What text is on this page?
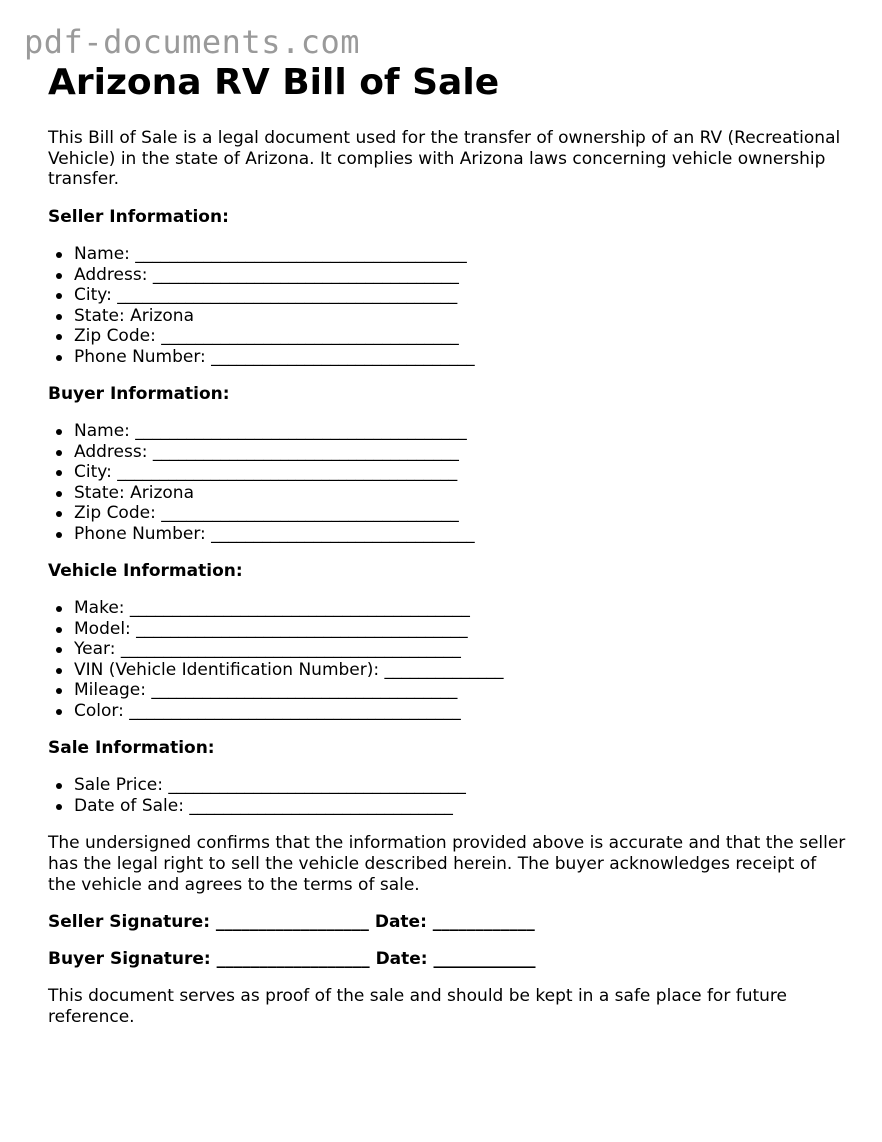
pdf-documents.com
Arizona RV Bill of Sale

This Bill of Sale is a legal document used for the transfer of ownership of an RV (Recreational Vehicle) in the state of Arizona. It complies with Arizona laws concerning vehicle ownership transfer.

Seller Information:
Name: _______________________________________
Address: ____________________________________
City: ________________________________________
State: Arizona
Zip Code: ___________________________________
Phone Number: _______________________________
Buyer Information:
Name: _______________________________________
Address: ____________________________________
City: ________________________________________
State: Arizona
Zip Code: ___________________________________
Phone Number: _______________________________
Vehicle Information:
Make: ________________________________________
Model: _______________________________________
Year: ________________________________________
VIN (Vehicle Identification Number): ______________
Mileage: ____________________________________
Color: _______________________________________
Sale Information:
Sale Price: ___________________________________
Date of Sale: _______________________________

The undersigned confirms that the information provided above is accurate and that the seller has the legal right to sell the vehicle described herein. The buyer acknowledges receipt of the vehicle and agrees to the terms of sale.

Seller Signature: __________________ Date: ____________
Buyer Signature: __________________ Date: ____________

This document serves as proof of the sale and should be kept in a safe place for future reference.
